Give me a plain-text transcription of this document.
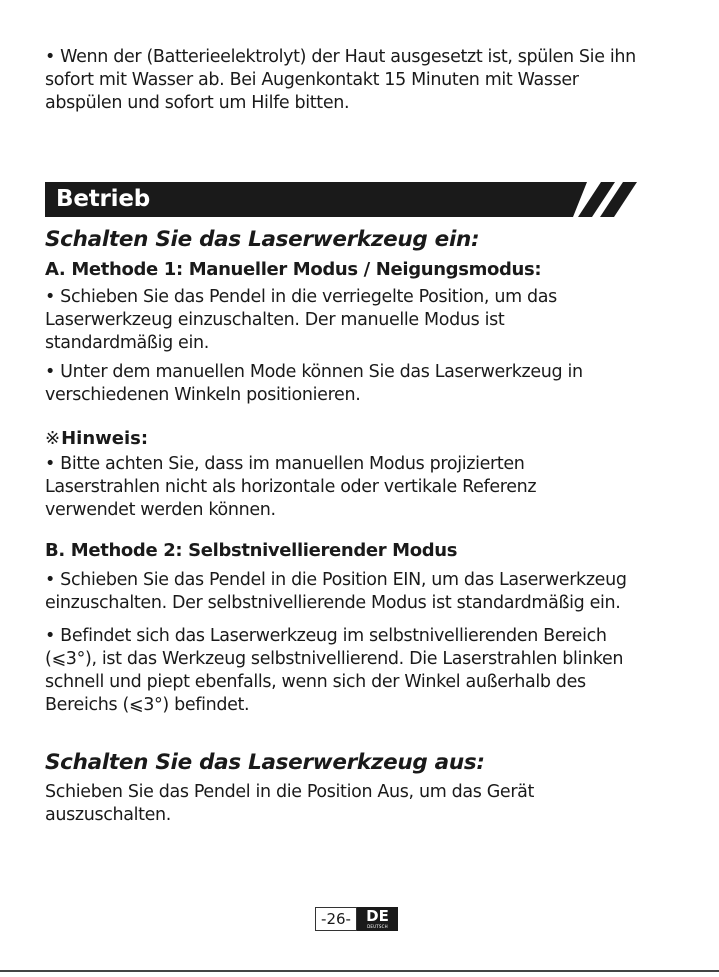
• Wenn der (Batterieelektrolyt) der Haut ausgesetzt ist, spülen Sie ihn
sofort mit Wasser ab. Bei Augenkontakt 15 Minuten mit Wasser
abspülen und sofort um Hilfe bitten.

Betrieb
Schalten Sie das Laserwerkzeug ein:
A. Methode 1: Manueller Modus / Neigungsmodus:

• Schieben Sie das Pendel in die verriegelte Position, um das
Laserwerkzeug einzuschalten. Der manuelle Modus ist
standardmäßig ein.

• Unter dem manuellen Mode können Sie das Laserwerkzeug in
verschiedenen Winkeln positionieren.

※Hinweis:

• Bitte achten Sie, dass im manuellen Modus projizierten
Laserstrahlen nicht als horizontale oder vertikale Referenz
verwendet werden können.

B. Methode 2: Selbstnivellierender Modus

• Schieben Sie das Pendel in die Position EIN, um das Laserwerkzeug
einzuschalten. Der selbstnivellierende Modus ist standardmäßig ein.

• Befindet sich das Laserwerkzeug im selbstnivellierenden Bereich
(⩽3°), ist das Werkzeug selbstnivellierend. Die Laserstrahlen blinken
schnell und piept ebenfalls, wenn sich der Winkel außerhalb des
Bereichs (⩽3°) befindet.

Schalten Sie das Laserwerkzeug aus:

Schieben Sie das Pendel in die Position Aus, um das Gerät
auszuschalten.

-26-	DE
DEUTSCH
